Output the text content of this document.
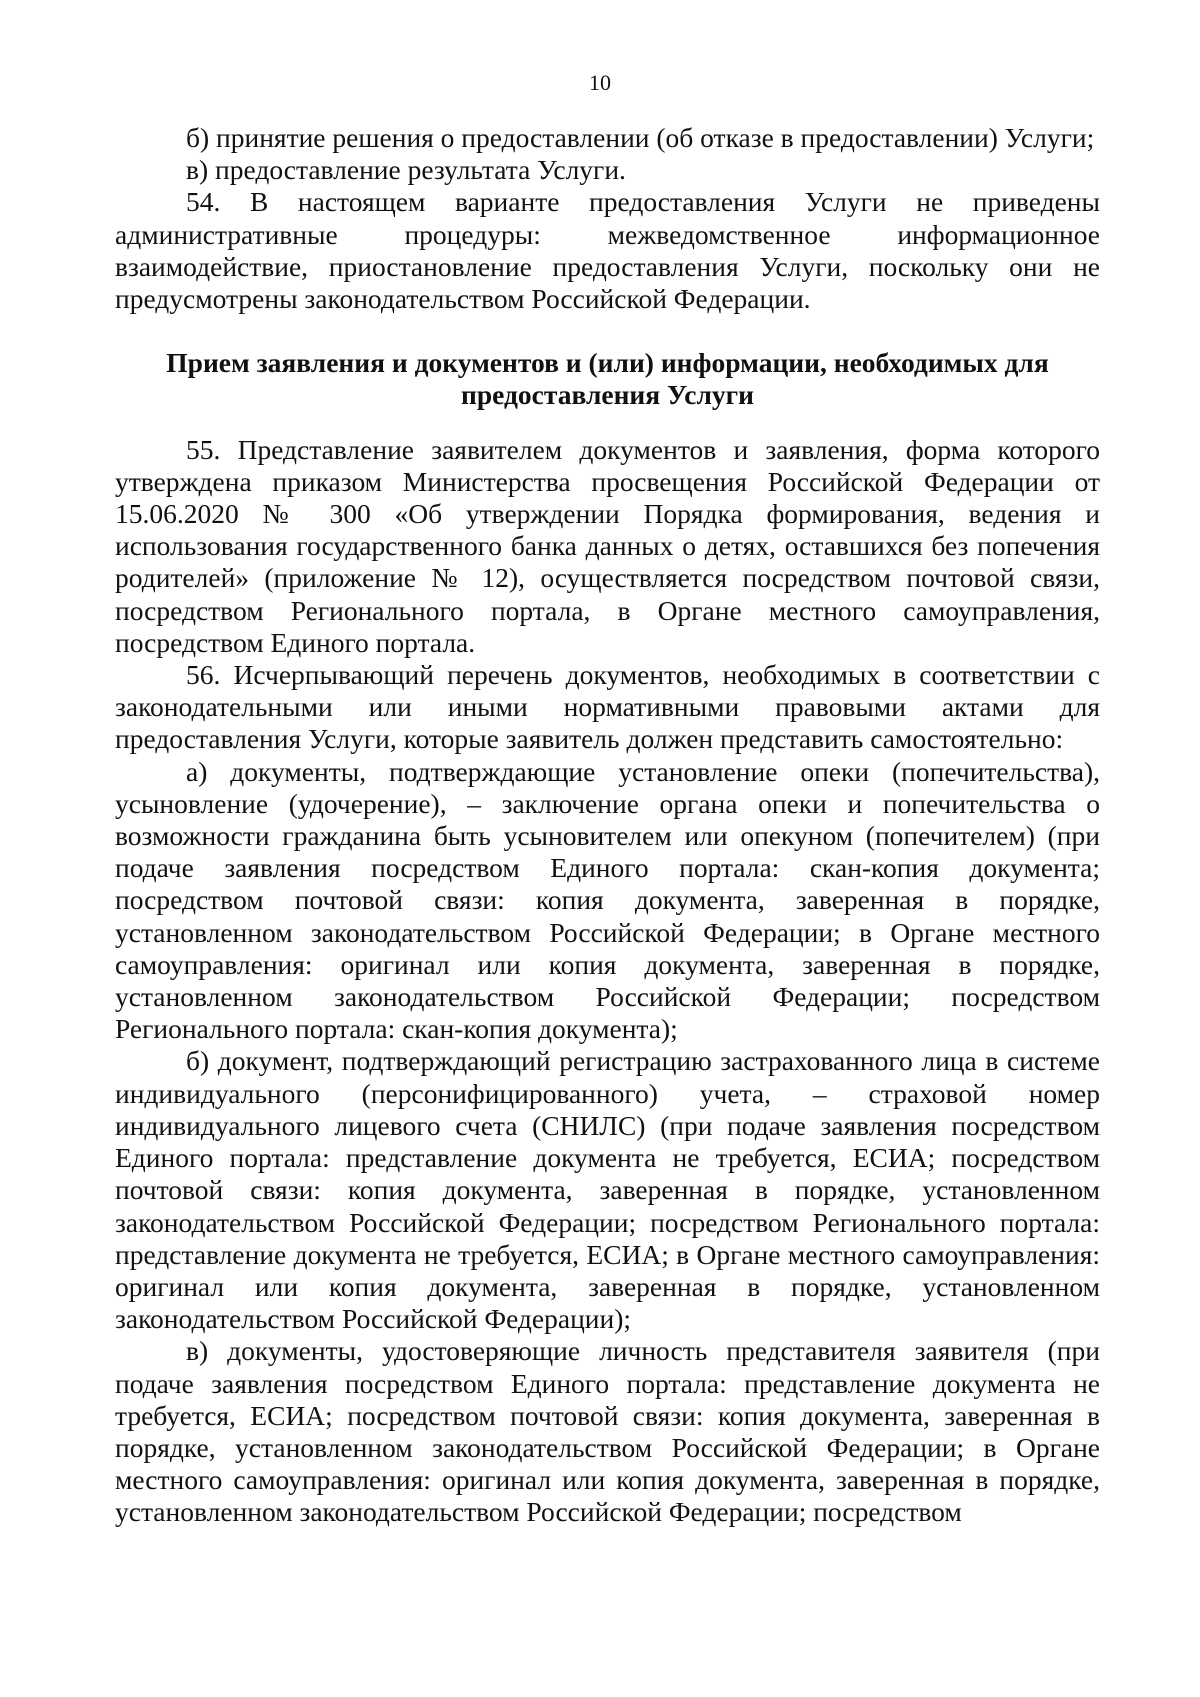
10

б) принятие решения о предоставлении (об отказе в предоставлении) Услуги;

в) предоставление результата Услуги.

54. В настоящем варианте предоставления Услуги не приведены административные процедуры: межведомственное информационное взаимодействие, приостановление предоставления Услуги, поскольку они не предусмотрены законодательством Российской Федерации.

Прием заявления и документов и (или) информации, необходимых для
предоставления Услуги

55. Представление заявителем документов и заявления, форма которого утверждена приказом Министерства просвещения Российской Федерации от 15.06.2020 № 300 «Об утверждении Порядка формирования, ведения и использования государственного банка данных о детях, оставшихся без попечения родителей» (приложение № 12), осуществляется посредством почтовой связи, посредством Регионального портала, в Органе местного самоуправления, посредством Единого портала.

56. Исчерпывающий перечень документов, необходимых в соответствии с законодательными или иными нормативными правовыми актами для предоставления Услуги, которые заявитель должен представить самостоятельно:

а) документы, подтверждающие установление опеки (попечительства), усыновление (удочерение), – заключение органа опеки и попечительства о возможности гражданина быть усыновителем или опекуном (попечителем) (при подаче заявления посредством Единого портала: скан-копия документа; посредством почтовой связи: копия документа, заверенная в порядке, установленном законодательством Российской Федерации; в Органе местного самоуправления: оригинал или копия документа, заверенная в порядке, установленном законодательством Российской Федерации; посредством Регионального портала: скан-копия документа);

б) документ, подтверждающий регистрацию застрахованного лица в системе индивидуального (персонифицированного) учета, – страховой номер индивидуального лицевого счета (СНИЛС) (при подаче заявления посредством Единого портала: представление документа не требуется, ЕСИА; посредством почтовой связи: копия документа, заверенная в порядке, установленном законодательством Российской Федерации; посредством Регионального портала: представление документа не требуется, ЕСИА; в Органе местного самоуправления: оригинал или копия документа, заверенная в порядке, установленном законодательством Российской Федерации);

в) документы, удостоверяющие личность представителя заявителя (при подаче заявления посредством Единого портала: представление документа не требуется, ЕСИА; посредством почтовой связи: копия документа, заверенная в порядке, установленном законодательством Российской Федерации; в Органе местного самоуправления: оригинал или копия документа, заверенная в порядке, установленном законодательством Российской Федерации; посредством
